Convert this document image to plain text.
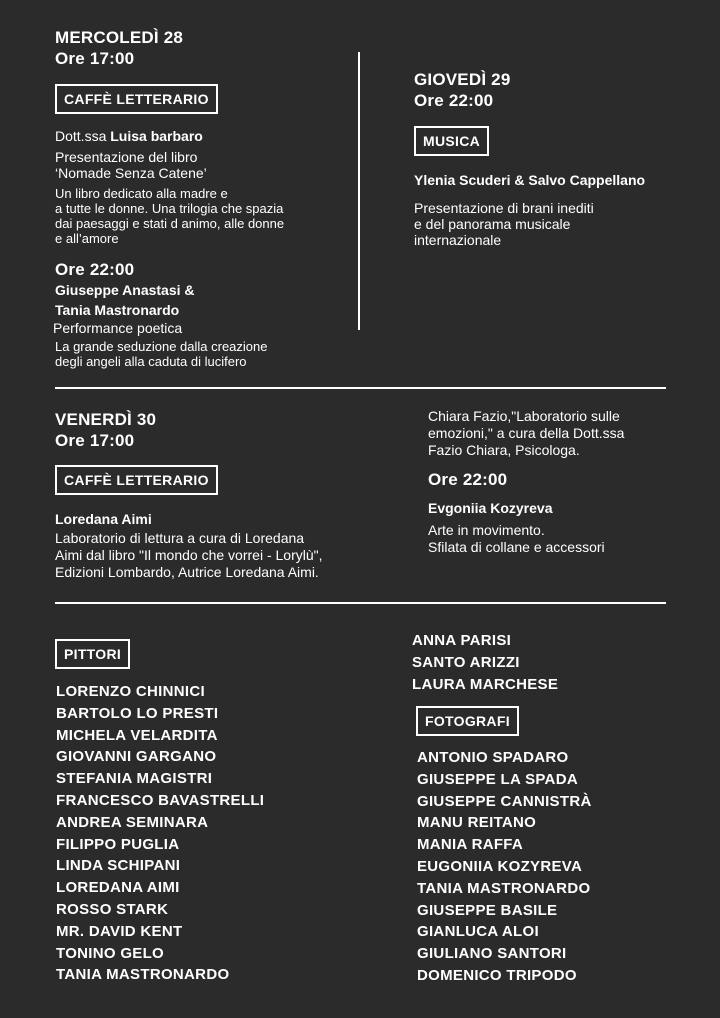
MERCOLEDÌ 28
Ore 17:00
CAFFÈ LETTERARIO
Dott.ssa Luisa barbaro
Presentazione del libro
‘Nomade Senza Catene’
Un libro dedicato alla madre e
a tutte le donne. Una trilogia che spazia
dai paesaggi e stati d animo, alle donne
e all’amore
Ore 22:00
Giuseppe Anastasi &
Tania Mastronardo
Performance poetica
La grande seduzione dalla creazione
degli angeli alla caduta di lucifero
GIOVEDÌ 29
Ore 22:00
MUSICA
Ylenia Scuderi & Salvo Cappellano
Presentazione di brani inediti
e del panorama musicale
internazionale
VENERDÌ 30
Ore 17:00
CAFFÈ LETTERARIO
Loredana Aimi
Laboratorio di lettura a cura di Loredana
Aimi dal libro "Il mondo che vorrei - Lorylù",
Edizioni Lombardo, Autrice Loredana Aimi.
Chiara Fazio,"Laboratorio sulle
emozioni," a cura della Dott.ssa
Fazio Chiara, Psicologa.
Ore 22:00
Evgoniia Kozyreva
Arte in movimento.
Sfilata di collane e accessori
PITTORI
LORENZO CHINNICI
BARTOLO LO PRESTI
MICHELA VELARDITA
GIOVANNI GARGANO
STEFANIA MAGISTRI
FRANCESCO BAVASTRELLI
ANDREA SEMINARA
FILIPPO PUGLIA
LINDA SCHIPANI
LOREDANA AIMI
ROSSO STARK
MR. DAVID KENT
TONINO GELO
TANIA MASTRONARDO
ANNA PARISI
SANTO ARIZZI
LAURA MARCHESE
FOTOGRAFI
ANTONIO SPADARO
GIUSEPPE LA SPADA
GIUSEPPE CANNISTRÀ
MANU REITANO
MANIA RAFFA
EUGONIIA KOZYREVA
TANIA MASTRONARDO
GIUSEPPE BASILE
GIANLUCA ALOI
GIULIANO SANTORI
DOMENICO TRIPODO
